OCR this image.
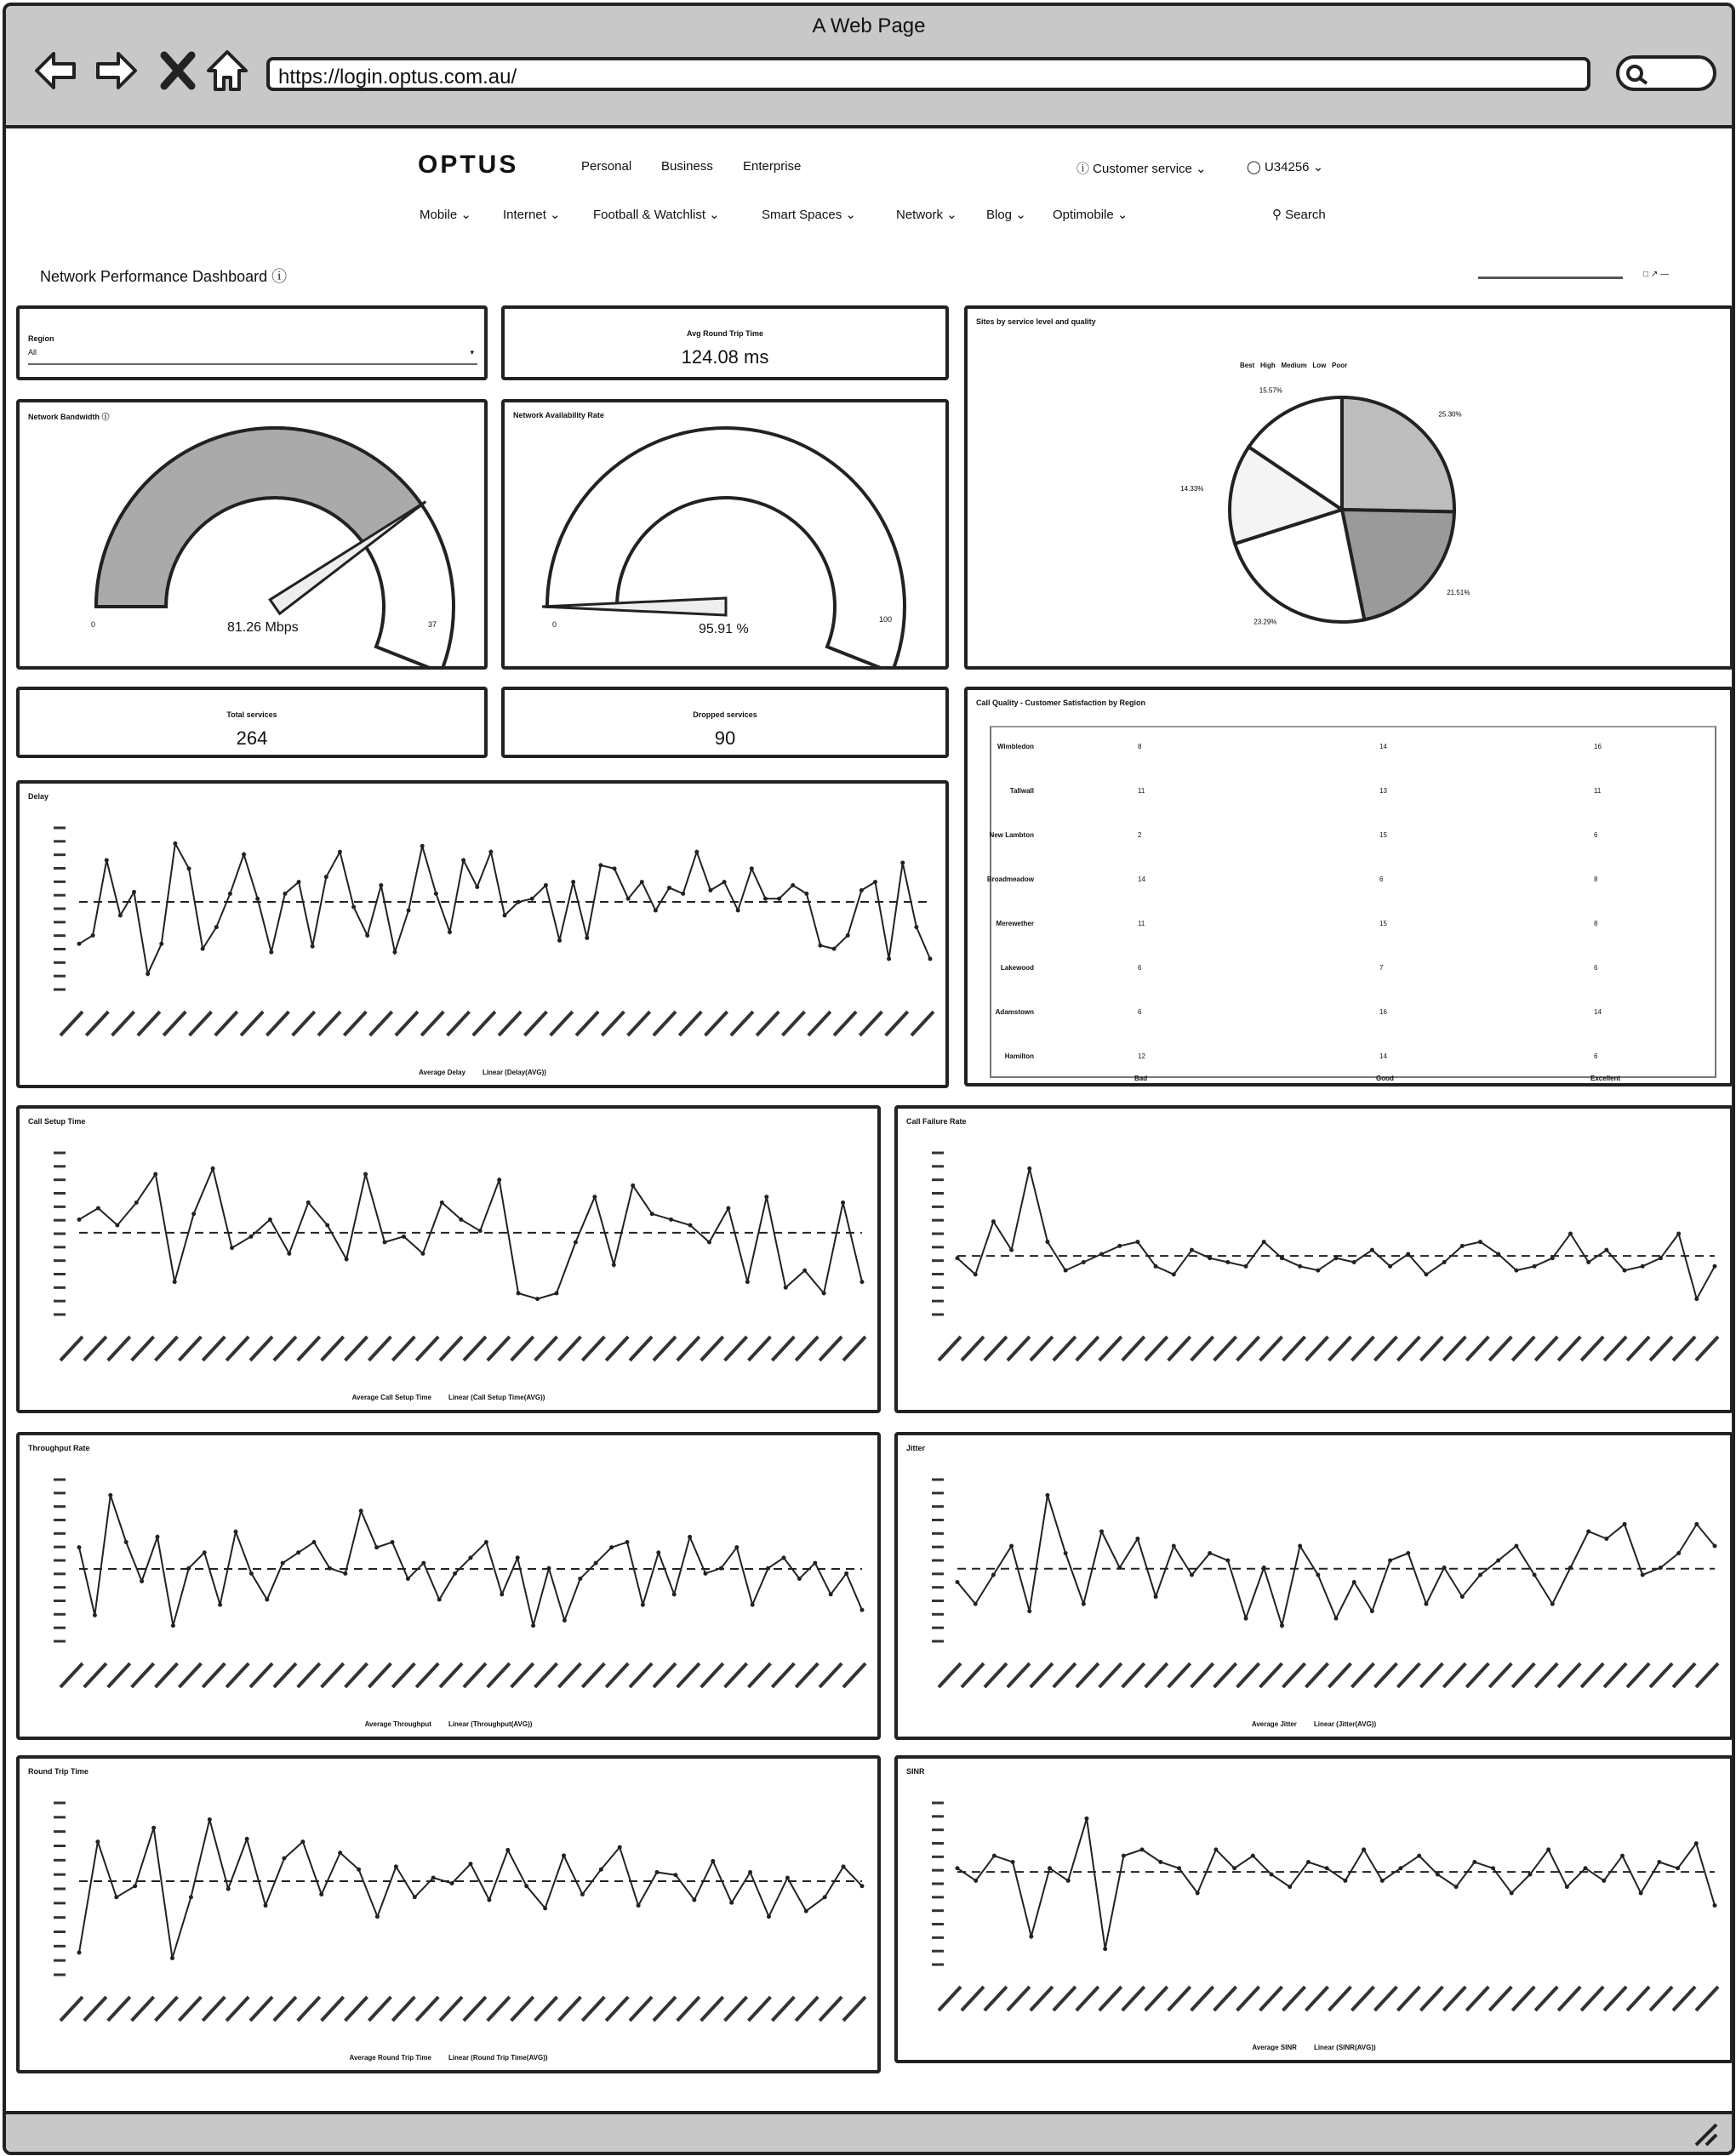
A Web Page
https://login.optus.com.au/
OPTUS	Personal Business Enterprise	ⓘ Customer service ⌄	◯ U34256 ⌄
Mobile ⌄ Internet ⌄	Football & Watchlist ⌄	Smart Spaces ⌄	Network ⌄ Blog ⌄ Optimobile ⌄	⚲ Search
Network Performance Dashboard ⓘ	□ ↗ —
Region
All	▾
Avg Round Trip Time
124.08 ms
Sites by service level and quality
Best High Medium Low Poor
25.30%
21.51%
23.29%
14.33%
15.57%
Network Bandwidth ⓘ
0	81.26 Mbps	37
Network Availability Rate
0	95.91 %
100
Total services
264
Dropped services
90
Call Quality - Customer Satisfaction by Region
Wimbledon	8	14	16
Tallwall	11	13	11
New Lambton	2	15	6
Broadmeadow	14	6	8
Merewether	11	15	8
Lakewood	6	7	6
Adamstown	6	16	14
Hamilton	12	14	6
Bad	Good	Excellent
Delay
Average Delay	Linear (Delay(AVG))
Call Setup Time
Average Call Setup Time	Linear (Call Setup Time(AVG))
Call Failure Rate
Throughput Rate
Average Throughput	Linear (Throughput(AVG))
Jitter
Average Jitter	Linear (Jitter(AVG))
Round Trip Time
Average Round Trip Time	Linear (Round Trip Time(AVG))
SINR
Average SINR	Linear (SINR(AVG))
